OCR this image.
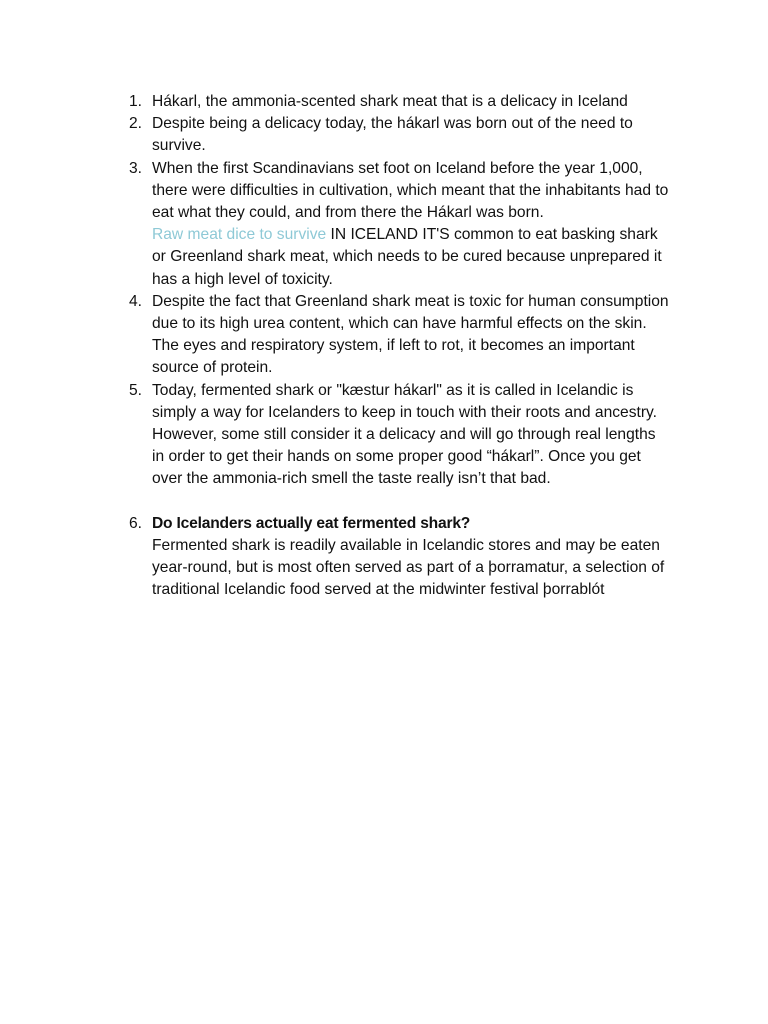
1. Hákarl, the ammonia-scented shark meat that is a delicacy in Iceland

2. Despite being a delicacy today, the hákarl was born out of the need to survive.

3. When the first Scandinavians set foot on Iceland before the year 1,000, there were difficulties in cultivation, which meant that the inhabitants had to eat what they could, and from there the Hákarl was born.

Raw meat dice to survive IN ICELAND IT'S common to eat basking shark or Greenland shark meat, which needs to be cured because unprepared it has a high level of toxicity.

4. Despite the fact that Greenland shark meat is toxic for human consumption due to its high urea content, which can have harmful effects on the skin. The eyes and respiratory system, if left to rot, it becomes an important source of protein.

5. Today, fermented shark or "kæstur hákarl" as it is called in Icelandic is simply a way for Icelanders to keep in touch with their roots and ancestry.

However, some still consider it a delicacy and will go through real lengths in order to get their hands on some proper good “hákarl”. Once you get over the ammonia-rich smell the taste really isn’t that bad.

6. Do Icelanders actually eat fermented shark?

Fermented shark is readily available in Icelandic stores and may be eaten year-round, but is most often served as part of a þorramatur, a selection of traditional Icelandic food served at the midwinter festival þorrablót
